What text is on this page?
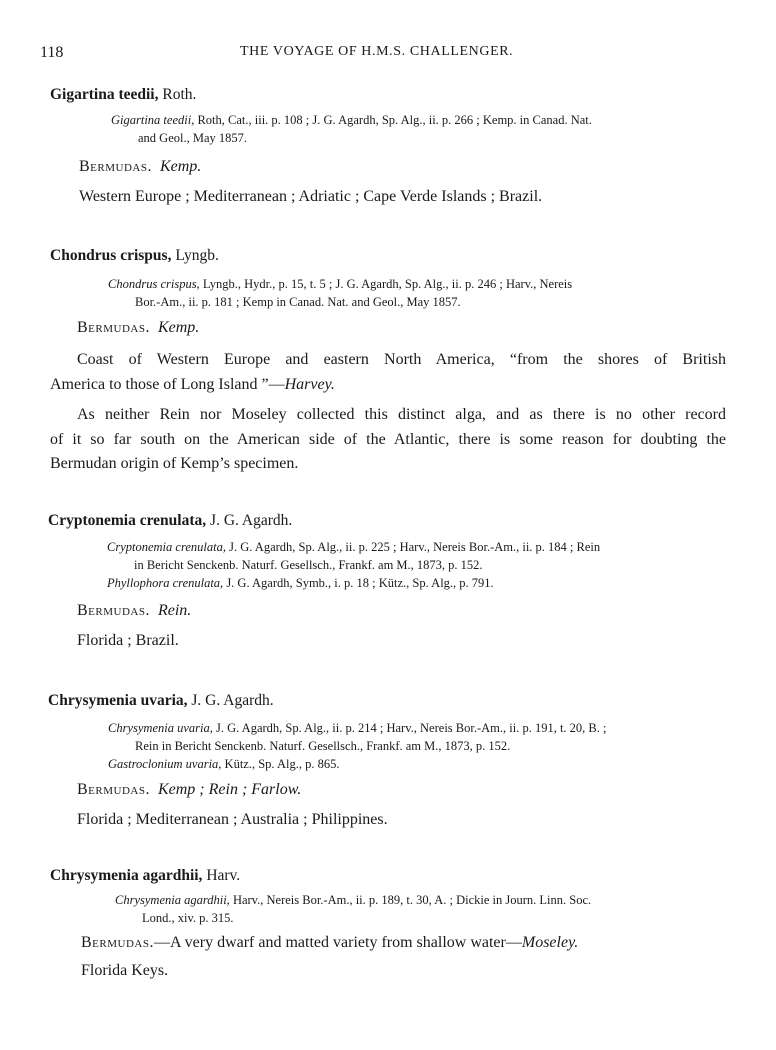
118	THE VOYAGE OF H.M.S. CHALLENGER.
Gigartina teedii, Roth.
Gigartina teedii, Roth, Cat., iii. p. 108 ; J. G. Agardh, Sp. Alg., ii. p. 266 ; Kemp. in Canad. Nat.
and Geol., May 1857.
Bermudas. Kemp.
Western Europe ; Mediterranean ; Adriatic ; Cape Verde Islands ; Brazil.
Chondrus crispus, Lyngb.
Chondrus crispus, Lyngb., Hydr., p. 15, t. 5 ; J. G. Agardh, Sp. Alg., ii. p. 246 ; Harv., Nereis
Bor.-Am., ii. p. 181 ; Kemp in Canad. Nat. and Geol., May 1857.
Bermudas. Kemp.
Coast of Western Europe and eastern North America, “from the shores of British
America to those of Long Island ”—Harvey.
As neither Rein nor Moseley collected this distinct alga, and as there is no other record
of it so far south on the American side of the Atlantic, there is some reason for doubting the
Bermudan origin of Kemp’s specimen.
Cryptonemia crenulata, J. G. Agardh.
Cryptonemia crenulata, J. G. Agardh, Sp. Alg., ii. p. 225 ; Harv., Nereis Bor.-Am., ii. p. 184 ; Rein
in Bericht Senckenb. Naturf. Gesellsch., Frankf. am M., 1873, p. 152.
Phyllophora crenulata, J. G. Agardh, Symb., i. p. 18 ; Kütz., Sp. Alg., p. 791.
Bermudas. Rein.
Florida ; Brazil.
Chrysymenia uvaria, J. G. Agardh.
Chrysymenia uvaria, J. G. Agardh, Sp. Alg., ii. p. 214 ; Harv., Nereis Bor.-Am., ii. p. 191, t. 20, B. ;
Rein in Bericht Senckenb. Naturf. Gesellsch., Frankf. am M., 1873, p. 152.
Gastroclonium uvaria, Kütz., Sp. Alg., p. 865.
Bermudas. Kemp ; Rein ; Farlow.
Florida ; Mediterranean ; Australia ; Philippines.
Chrysymenia agardhii, Harv.
Chrysymenia agardhii, Harv., Nereis Bor.-Am., ii. p. 189, t. 30, A. ; Dickie in Journ. Linn. Soc.
Lond., xiv. p. 315.
Bermudas.—A very dwarf and matted variety from shallow water—Moseley.
Florida Keys.
